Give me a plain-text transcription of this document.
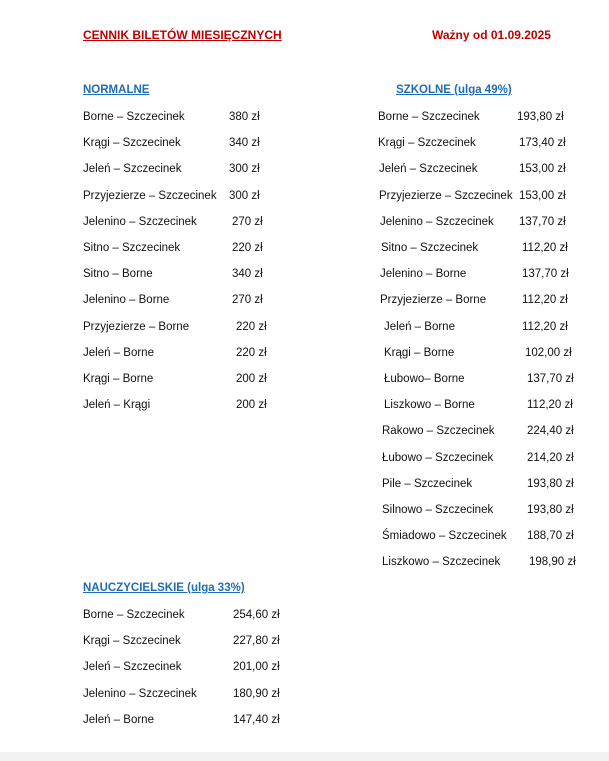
CENNIK BILETÓW MIESIĘCZNYCH	Ważny od 01.09.2025
NORMALNE	SZKOLNE (ulga 49%)
NAUCZYCIELSKIE (ulga 33%)
Borne – Szczecinek	380 zł
Krągi – Szczecinek	340 zł
Jeleń – Szczecinek	300 zł
Przyjezierze – Szczecinek 300 zł
Jelenino – Szczecinek	270 zł
Sitno – Szczecinek	220 zł
Sitno – Borne	340 zł
Jelenino – Borne	270 zł
Przyjezierze – Borne	220 zł
Jeleń – Borne	220 zł
Krągi – Borne	200 zł
Jeleń – Krągi	200 zł
Borne – Szczecinek	193,80 zł
Krągi – Szczecinek	173,40 zł
Jeleń – Szczecinek	153,00 zł
Przyjezierze – Szczecinek 153,00 zł
Jelenino – Szczecinek 137,70 zł
Sitno – Szczecinek	112,20 zł
Jelenino – Borne	137,70 zł
Przyjezierze – Borne	112,20 zł
Jeleń – Borne	112,20 zł
Krągi – Borne	102,00 zł
Łubowo– Borne	137,70 zł
Liszkowo – Borne	112,20 zł
Rakowo – Szczecinek	224,40 zł
Łubowo – Szczecinek	214,20 zł
Pile – Szczecinek	193,80 zł
Silnowo – Szczecinek	193,80 zł
Śmiadowo – Szczecinek 188,70 zł
Liszkowo – Szczecinek	198,90 zł
Borne – Szczecinek	254,60 zł
Krągi – Szczecinek	227,80 zł
Jeleń – Szczecinek	201,00 zł
Jelenino – Szczecinek	180,90 zł
Jeleń – Borne	147,40 zł
